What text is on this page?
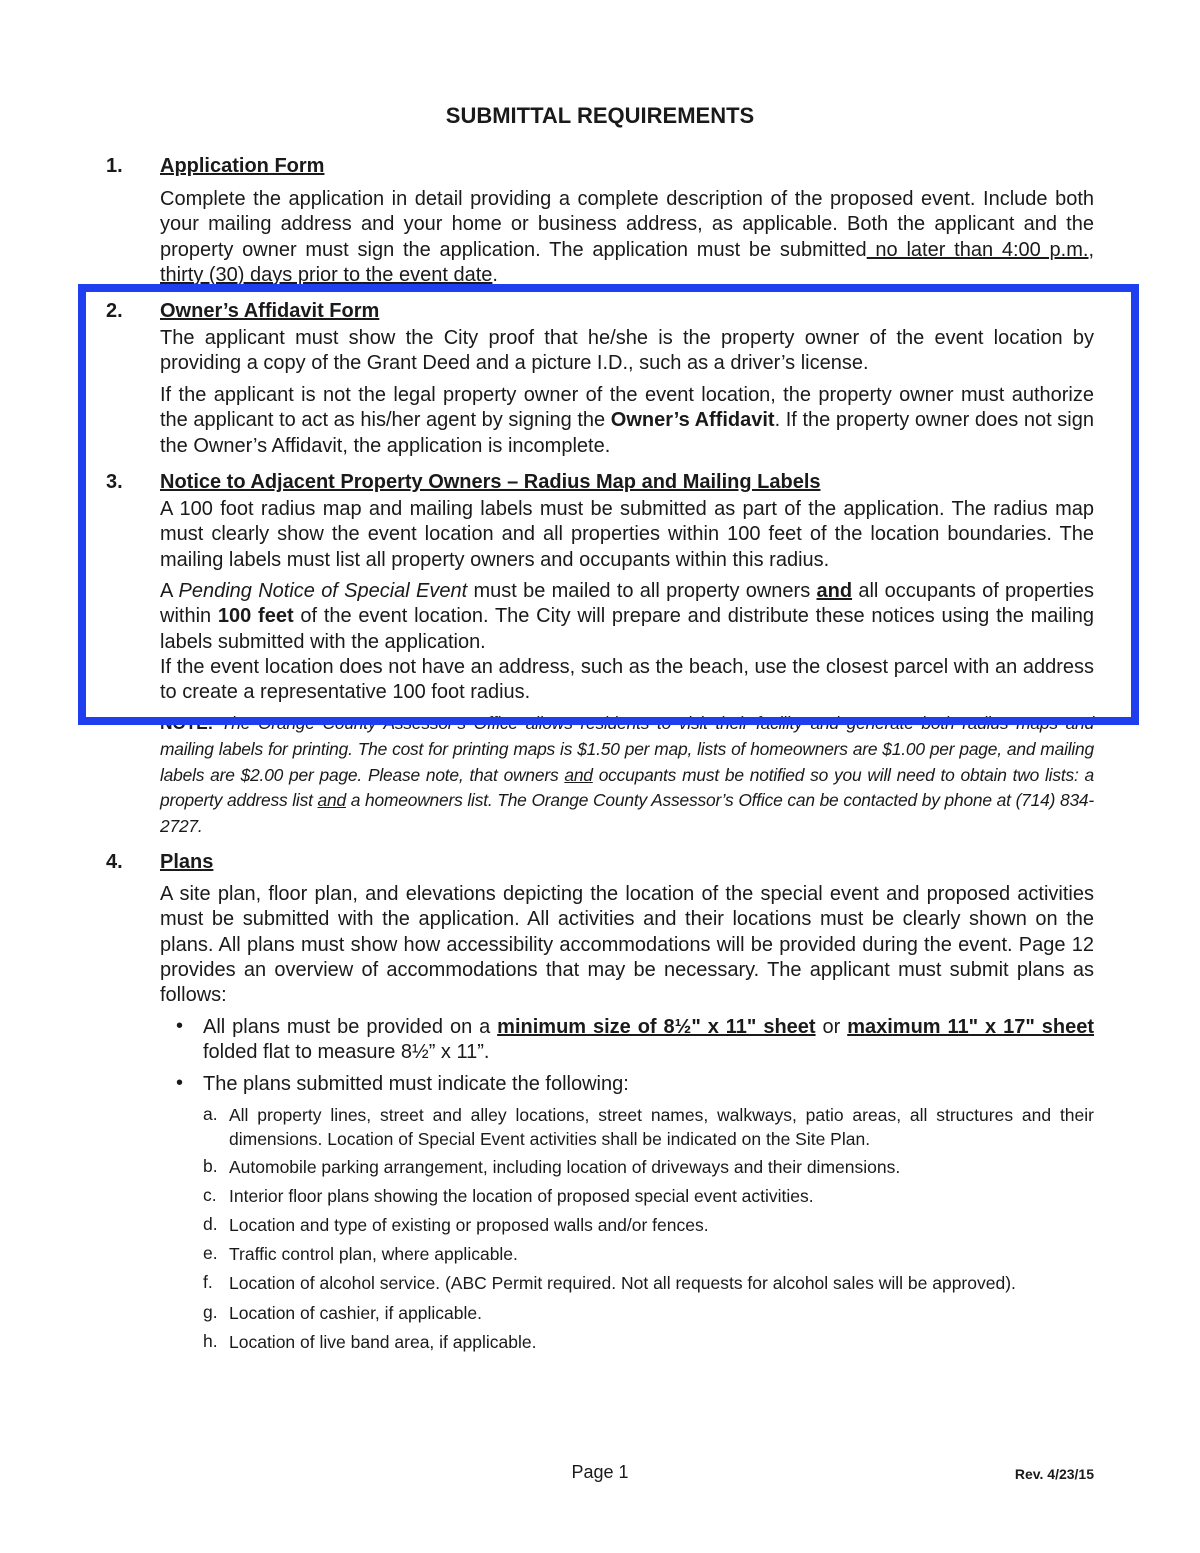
SUBMITTAL REQUIREMENTS
1. Application Form
Complete the application in detail providing a complete description of the proposed event. Include both your mailing address and your home or business address, as applicable. Both the applicant and the property owner must sign the application. The application must be submitted no later than 4:00 p.m., thirty (30) days prior to the event date.
2. Owner’s Affidavit Form
The applicant must show the City proof that he/she is the property owner of the event location by providing a copy of the Grant Deed and a picture I.D., such as a driver’s license.
If the applicant is not the legal property owner of the event location, the property owner must authorize the applicant to act as his/her agent by signing the Owner’s Affidavit. If the property owner does not sign the Owner’s Affidavit, the application is incomplete.
3. Notice to Adjacent Property Owners – Radius Map and Mailing Labels
A 100 foot radius map and mailing labels must be submitted as part of the application. The radius map must clearly show the event location and all properties within 100 feet of the location boundaries. The mailing labels must list all property owners and occupants within this radius.
A Pending Notice of Special Event must be mailed to all property owners and all occupants of properties within 100 feet of the event location. The City will prepare and distribute these notices using the mailing labels submitted with the application.
If the event location does not have an address, such as the beach, use the closest parcel with an address to create a representative 100 foot radius.
NOTE: The Orange County Assessor’s Office allows residents to visit their facility and generate both radius maps and mailing labels for printing. The cost for printing maps is $1.50 per map, lists of homeowners are $1.00 per page, and mailing labels are $2.00 per page. Please note, that owners and occupants must be notified so you will need to obtain two lists: a property address list and a homeowners list. The Orange County Assessor’s Office can be contacted by phone at (714) 834-2727.
4. Plans
A site plan, floor plan, and elevations depicting the location of the special event and proposed activities must be submitted with the application. All activities and their locations must be clearly shown on the plans. All plans must show how accessibility accommodations will be provided during the event. Page 12 provides an overview of accommodations that may be necessary. The applicant must submit plans as follows:
• All plans must be provided on a minimum size of 8½" x 11" sheet or maximum 11" x 17" sheet folded flat to measure 8½” x 11”.
• The plans submitted must indicate the following:
a. All property lines, street and alley locations, street names, walkways, patio areas, all structures and their dimensions. Location of Special Event activities shall be indicated on the Site Plan.
b. Automobile parking arrangement, including location of driveways and their dimensions.
c. Interior floor plans showing the location of proposed special event activities.
d. Location and type of existing or proposed walls and/or fences.
e. Traffic control plan, where applicable.
f. Location of alcohol service. (ABC Permit required. Not all requests for alcohol sales will be approved).
g. Location of cashier, if applicable.
h. Location of live band area, if applicable.
Page 1	Rev. 4/23/15
